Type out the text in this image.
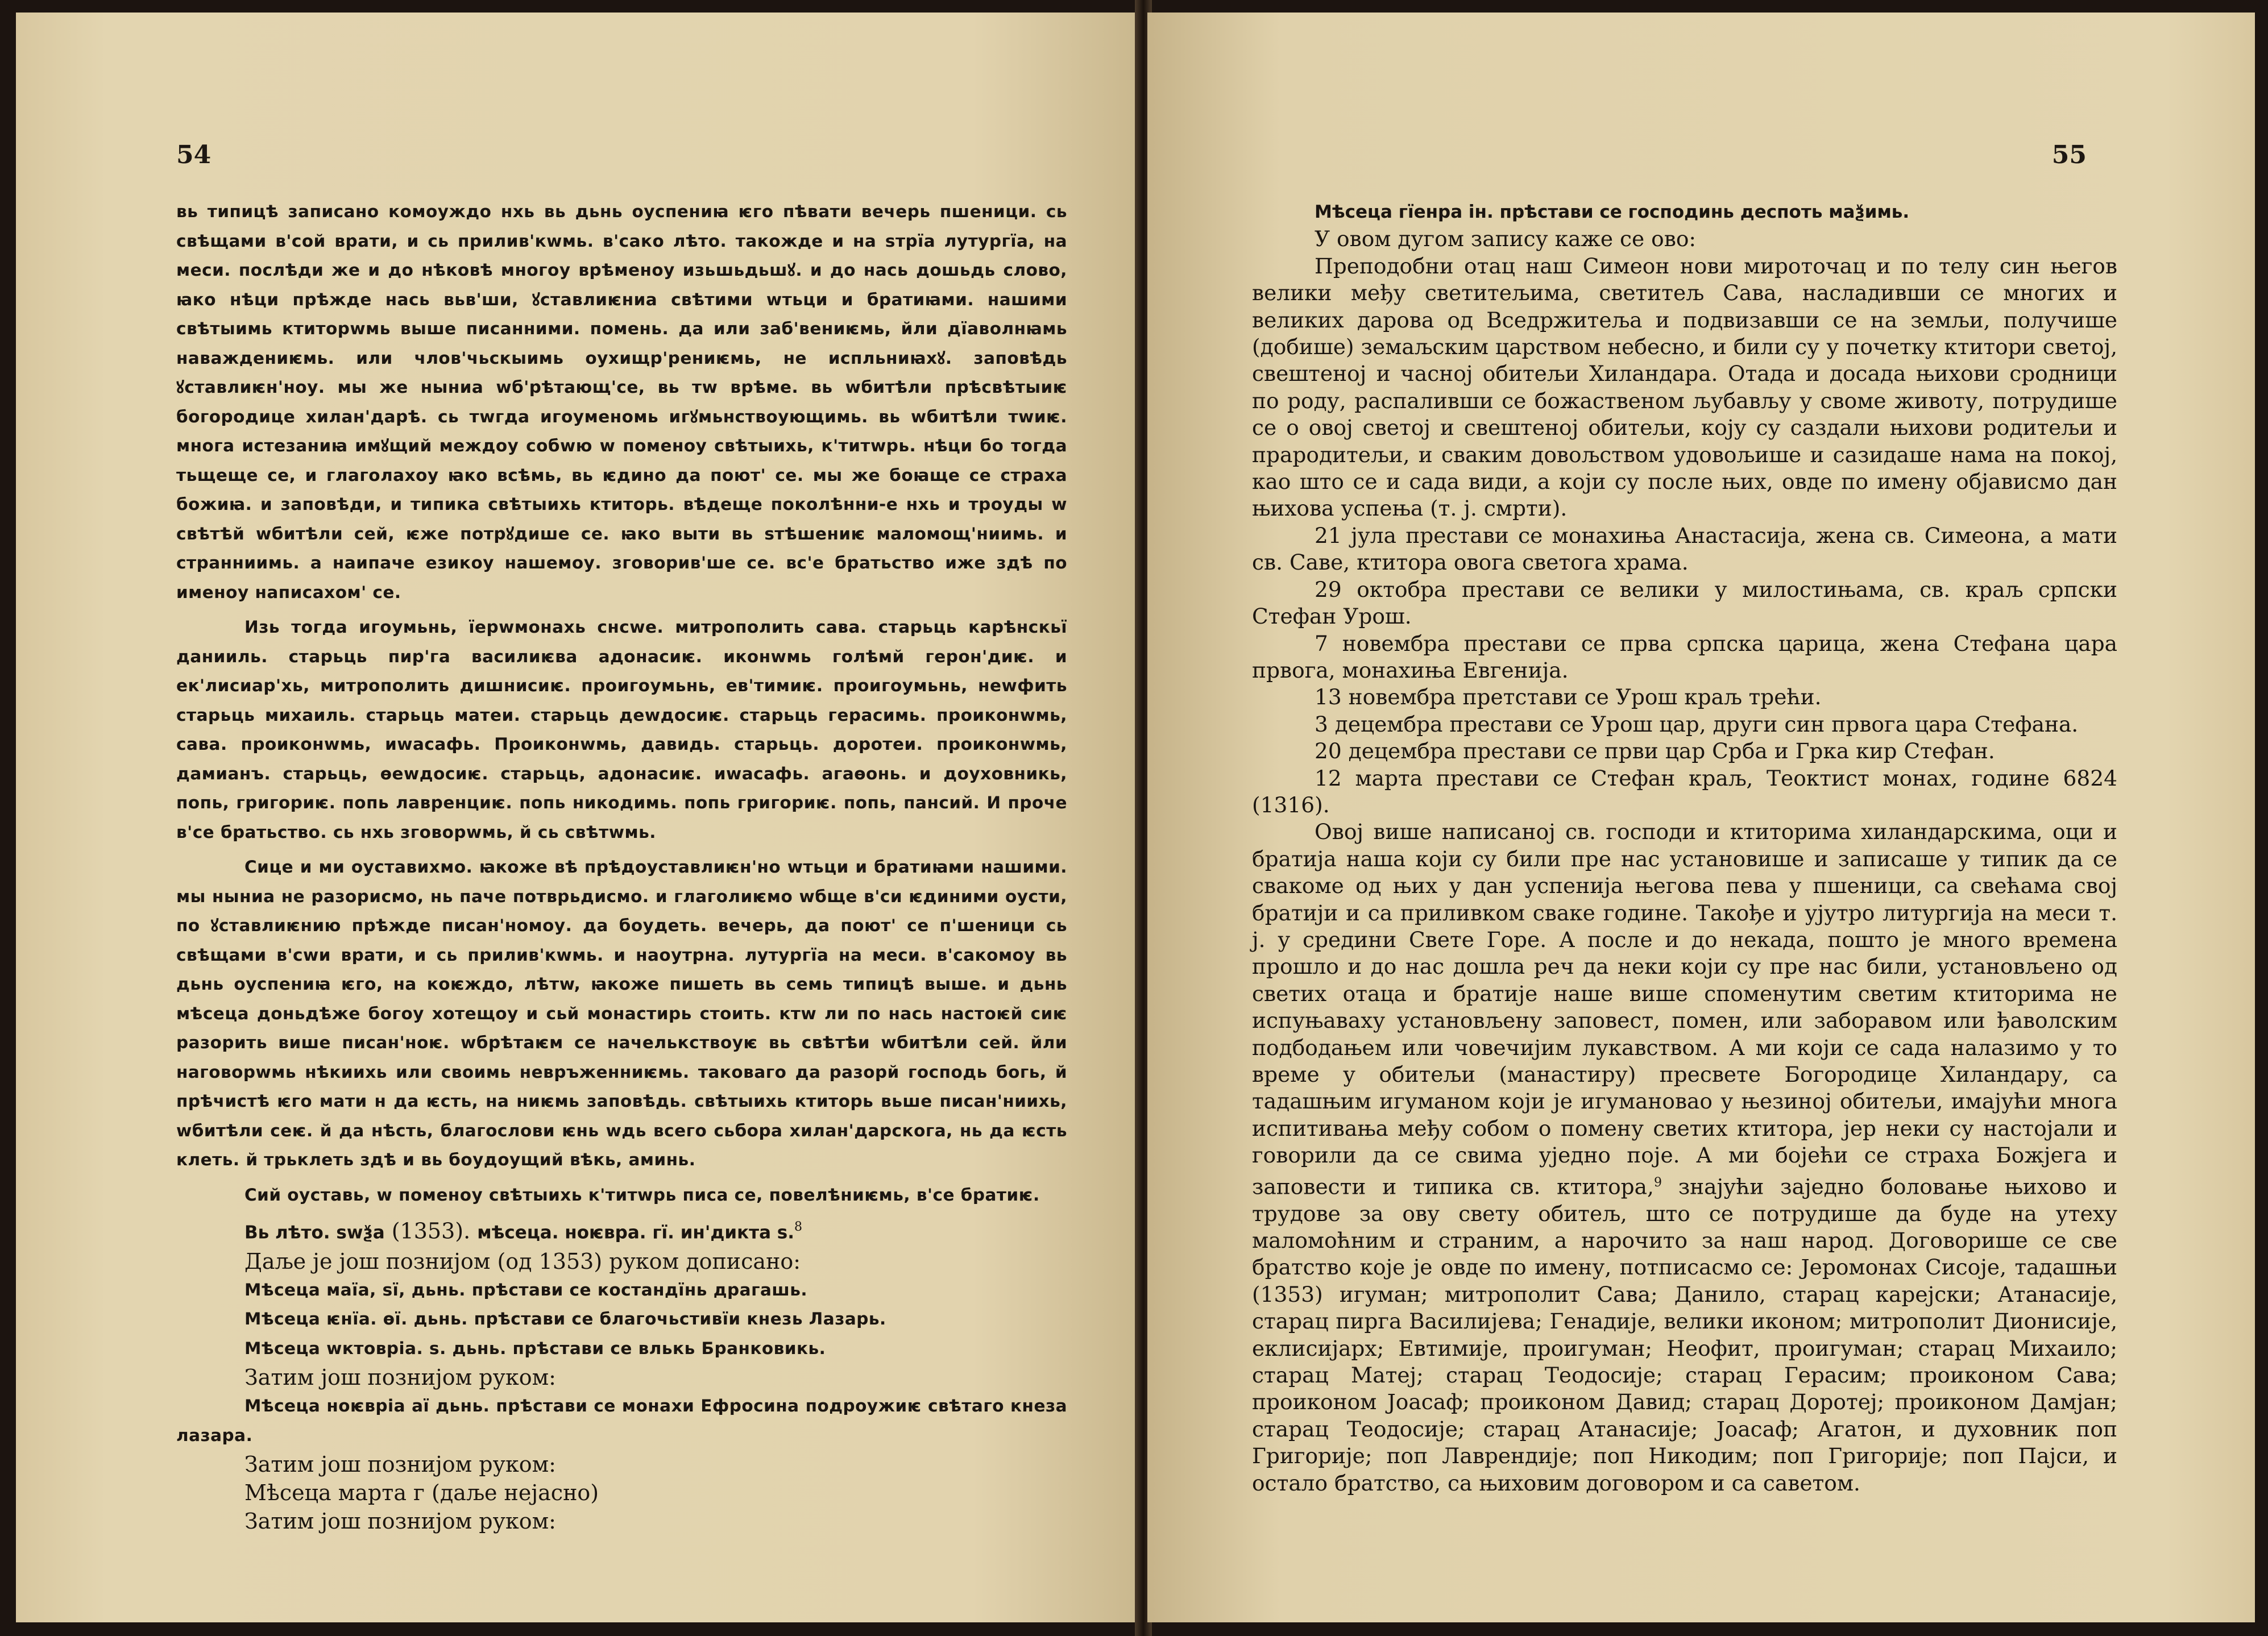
54

вь типицѣ записано комоуждо нхь вь дьнь оуспениꙗ ѥго пѣвати вечерь пшеници. сь свѣщами в'сой врати, и сь прилив'кwмь. в'сако лѣто. такожде и на ѕтрїа лутургїа, на меси. послѣди же и до нѣковѣ многоу врѣменоу изьшьдьшꙋ. и до нась дошьдь слово, ꙗко нѣци прѣжде нась вьв'ши, ꙋставлиѥниа свѣтими wтьци и братиꙗми. нашими свѣтыимь ктиторwмь выше писанними. помень. да или заб'вениѥмь, йли дїаволнꙗмь наваждениѥмь. или члов'чьскыимь оухищр'рениѥмь, не испльниꙗхꙋ. заповѣдь ꙋставлиѥн'ноу. мы же ныниа wб'рѣтающ'се, вь тw врѣме. вь wбитѣли прѣсвѣтыиѥ богородице хилан'дарѣ. сь тwгда игоуменомь игꙋмьнствоующимь. вь wбитѣли тwиѥ. многа истезаниꙗ имꙋщий междоу собwю w поменоу свѣтыихь, к'титwрь. нѣци бо тогда тьщеще се, и глаголахоу ꙗко всѣмь, вь ѥдино да поют' се. мы же боꙗще се страха божиꙗ. и заповѣди, и типика свѣтыихь ктиторь. вѣдеще поколѣнни-е нхь и троуды w свѣтѣй wбитѣли сей, ѥже потрꙋдише се. ꙗко выти вь ѕтѣшениѥ маломощ'ниимь. и странниимь. а наипаче езикоу нашемоу. зговорив'ше се. вс'е братьство иже здѣ по именоу написахом' се.

Изь тогда игоумьнь, їерwмонахь снсwе. митрополить сава. старьць карѣнскьї данииль. старьць пир'га василиѥва адонасиѥ. иконwмь голѣмй герон'диѥ. и ек'лисиар'хь, митрополить дишнисиѥ. проигоумьнь, ев'тимиѥ. проигоумьнь, неwфить старьць михаиль. старьць матеи. старьць деwдосиѥ. старьць герасимь. проиконwмь, сава. проиконwмь, иwасафь. Проиконwмь, давидь. старьць. доротеи. проиконwмь, дамианъ. старьць, ѳеwдосиѥ. старьць, адонасиѥ. иwасафь. агаѳонь. и доуховникь, попь, григориѥ. попь лавренциѥ. попь никодимь. попь григориѥ. попь, пансий. И проче в'се братьство. сь нхь зговорwмь, й сь свѣтwмь.

Сице и ми оуставихмо. ꙗкоже вѣ прѣдоуставлиѥн'но wтьци и братиꙗми нашими. мы ныниа не разорисмо, нь паче потврьдисмо. и глаголиѥмо wбще в'си ѥдиними оусти, по ꙋставлиѥнию прѣжде писан'номоу. да боудеть. вечерь, да поют' се п'шеници сь свѣщами в'сwи врати, и сь прилив'кwмь. и наоутрна. лутургїа на меси. в'сакомоу вь дьнь оуспениꙗ ѥго, на коѥждо, лѣтw, ꙗкоже пишеть вь семь типицѣ выше. и дьнь мѣсеца доньдѣже богоу хотещоу и сьй монастирь стоить. ктw ли по нась настоѥй сиѥ разорить више писан'ноѥ. wбрѣтаѥм се начелькствоуѥ вь свѣтѣи wбитѣли сей. йли наговорwмь нѣкиихь или своимь невръженниѥмь. таковаго да разорй господь богь, й прѣчистѣ ѥго мати н да ѥсть, на ниѥмь заповѣдь. свѣтыихь ктиторь вьше писан'ниихь, wбитѣли сеѥ. й да нѣсть, благослови ѥнь wдь всего сьбора хилан'дарскога, нь да ѥсть клеть. й трьклеть здѣ и вь боудоущий вѣкь, аминь.

Сий оуставь, w поменоу свѣтыихь к'титwрь писа се, повелѣниѥмь, в'се братиѥ.

Вь лѣто. ѕwѯа (1353). мѣсеца. ноѥвра. гї. ин'дикта ѕ.$^8$

Даље је још познијом (од 1353) руком дописано:

Мѣсеца маїа, ѕї, дьнь. прѣстави се костандїнь драгашь.

Мѣсеца ѥнїа. ѳї. дьнь. прѣстави се благочьстивїи кнезь Лазарь.

Мѣсеца wктовріа. ѕ. дьнь. прѣстави се влькь Бранковикь.

Затим још познијом руком:

Мѣсеца ноѥвріа аї дьнь. прѣстави се монахи Ефросина подроужиѥ свѣтаго кнеза лазара.

Затим још познијом руком:

Мѣсеца марта г (даље нејасно)

Затим још познијом руком:

55

Мѣсеца гїенра ін. прѣстави се господинь деспоть маѯимь.

У овом дугом запису каже се ово:

Преподобни отац наш Симеон нови мироточац и по телу син његов велики међу светитељима, светитељ Сава, насладивши се многих и великих дарова од Вседржитеља и подвизавши се на земљи, получише (добише) земаљским царством небесно, и били су у почетку ктитори светој, свештеној и часној обитељи Хиландара. Отада и досада њихови сродници по роду, распаливши се божаственом љубављу у своме животу, потрудише се о овој светој и свештеној обитељи, коју су саздали њихови родитељи и прародитељи, и сваким довољством удовољише и сазидаше нама на покој, као што се и сада види, а који су после њих, овде по имену објависмо дан њихова успења (т. ј. смрти).

21 јула престави се монахиња Анастасија, жена св. Симеона, а мати св. Саве, ктитора овога светога храма.

29 октобра престави се велики у милостињама, св. краљ српски Стефан Урош.

7 новембра престави се прва српска царица, жена Стефана цара првога, монахиња Евгенија.

13 новембра претстави се Урош краљ трећи.

3 децембра престави се Урош цар, други син првога цара Стефана.

20 децембра престави се први цар Срба и Грка кир Стефан.

12 марта престави се Стефан краљ, Теоктист монах, године 6824 (1316).

Овој више написаној св. господи и ктиторима хиландарскима, оци и братија наша који су били пре нас установише и записаше у типик да се свакоме од њих у дан успенија његова пева у пшеници, са свећама свој братији и са приливком сваке године. Такође и ујутро литургија на меси т. ј. у средини Свете Горе. А после и до некада, пошто је много времена прошло и до нас дошла реч да неки који су пре нас били, установљено од светих отаца и братије наше више споменутим светим ктиторима не испуњаваху установљену заповест, помен, или заборавом или ђаволским подбодањем или човечијим лукавством. А ми који се сада налазимо у то време у обитељи (манастиру) пресвете Богородице Хиландару, са тадашњим игуманом који је игумановао у њезиној обитељи, имајући многа испитивања међу собом о помену светих ктитора, јер неки су настојали и говорили да се свима уједно поје. А ми бојећи се страха Божјега и заповести и типика св. ктитора,$^9$ знајући заједно боловање њихово и трудове за ову свету обитељ, што се потрудише да буде на утеху маломоћним и страним, а нарочито за наш народ. Договорише се све братство које је овде по имену, потписасмо се: Јеромонах Сисоје, тадашњи (1353) игуман; митрополит Сава; Данило, старац карејски; Атанасије, старац пирга Василијева; Генадије, велики иконом; митрополит Дионисије, еклисијарх; Евтимије, проигуман; Неофит, проигуман; старац Михаило; старац Матеј; старац Теодосије; старац Герасим; проиконом Сава; проиконом Јоасаф; проиконом Давид; старац Доротеј; проиконом Дамјан; старац Теодосије; старац Атанасије; Јоасаф; Агатон, и духовник поп Григорије; поп Лаврендије; поп Никодим; поп Григорије; поп Пајси, и остало братство, са њиховим договором и са саветом.
